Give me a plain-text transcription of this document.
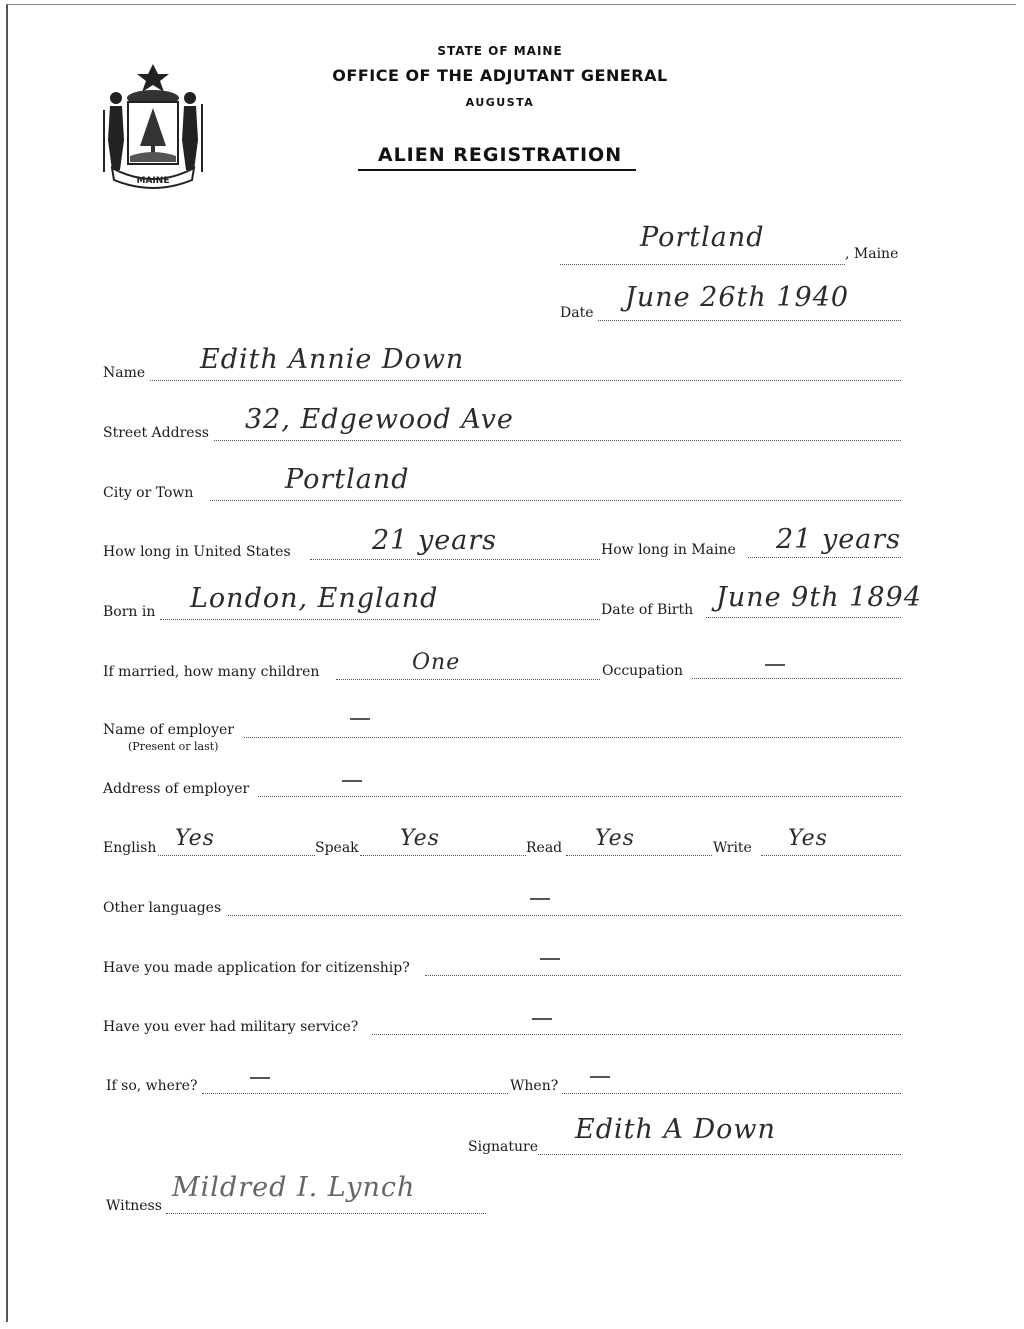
MAINE
STATE OF MAINE
OFFICE OF THE ADJUTANT GENERAL
AUGUSTA
ALIEN REGISTRATION
Portland
, Maine
Date June 26th 1940
Name Edith Annie Down
Street Address 32, Edgewood Ave
City or Town	Portland
How long in United States	21 years	How long in Maine 21 years
Born in London, England	Date of Birth June 9th 1894
If married, how many children	One	Occupation
Name of employer
(Present or last)
Address of employer
English Yes	Speak Yes	Read Yes	Write Yes
Other languages
Have you made application for citizenship?
Have you ever had military service?
If so, where?	When?
Signature
Edith A Down
Witness
Mildred I. Lynch
